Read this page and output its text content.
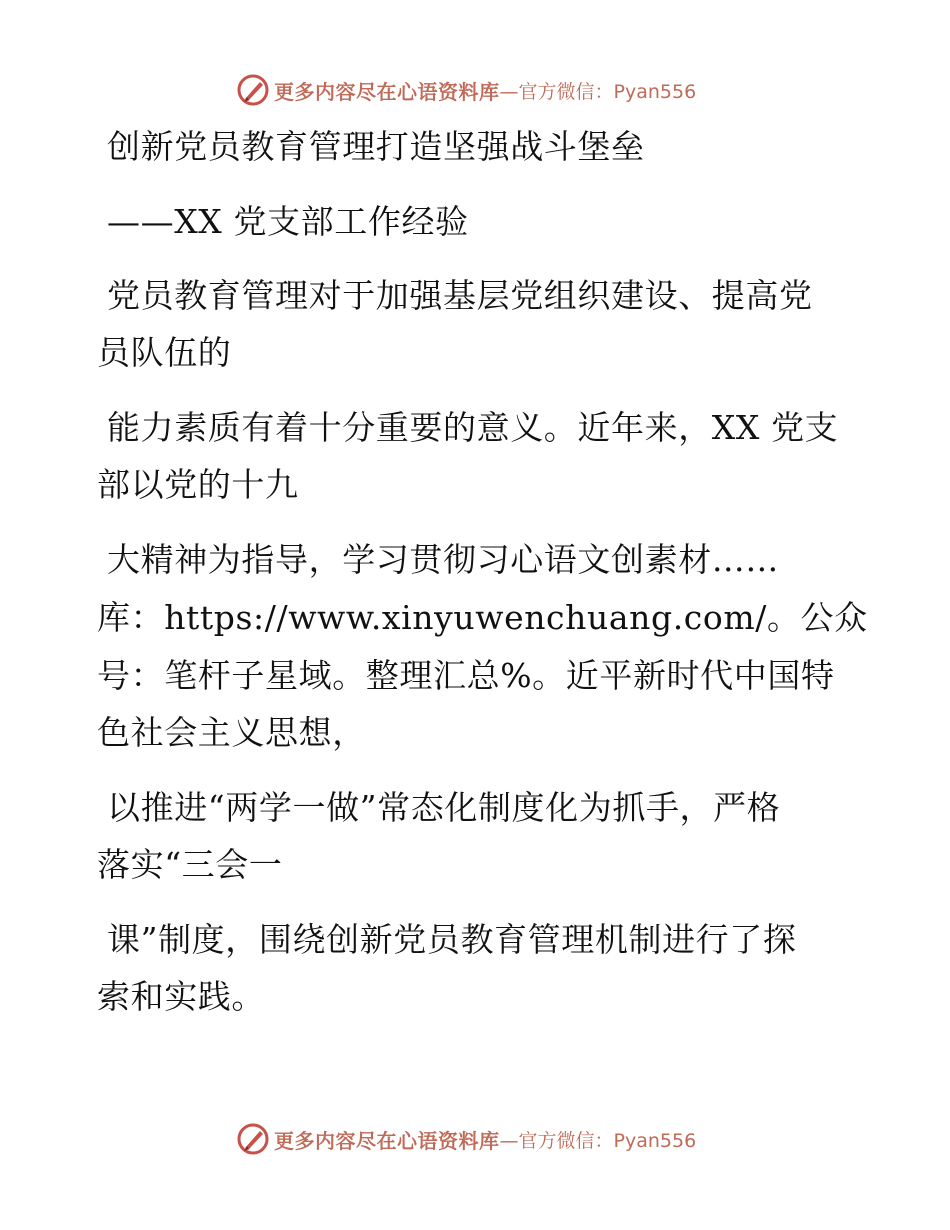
更多内容尽在心语资料库 —官方微信：Pyan556
创新党员教育管理打造坚强战斗堡垒
——XX 党支部工作经验
党员教育管理对于加强基层党组织建设、提高党
员队伍的
能力素质有着十分重要的意义。近年来，XX 党支
部以党的十九
大精神为指导，学习贯彻习心语文创素材……
库：https://www.xinyuwenchuang.com/。公众
号：笔杆子星域。整理汇总%。近平新时代中国特
色社会主义思想，
以推进“两学一做”常态化制度化为抓手，严格
落实“三会一
课”制度，围绕创新党员教育管理机制进行了探
索和实践。
更多内容尽在心语资料库 —官方微信：Pyan556
